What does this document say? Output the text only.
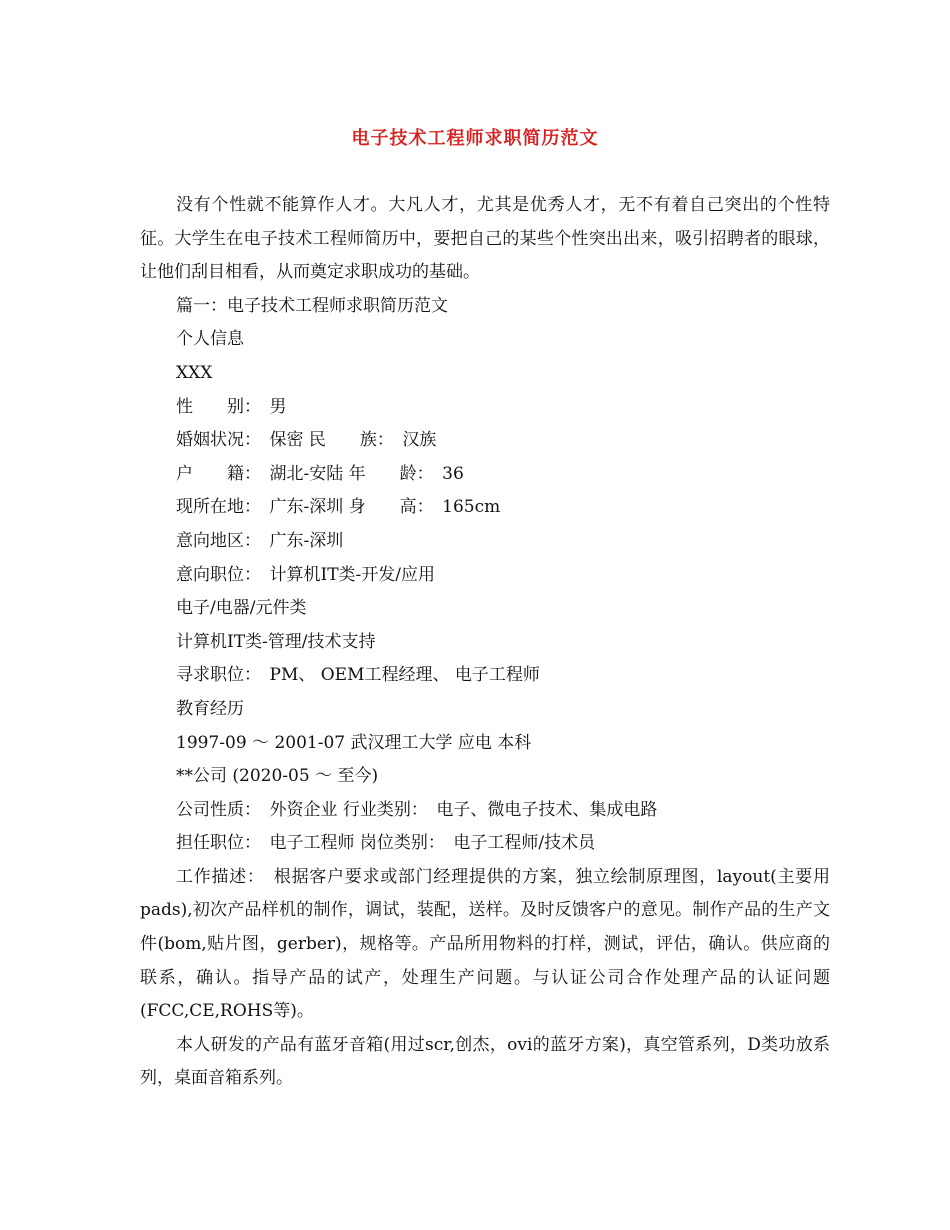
电子技术工程师求职简历范文

没有个性就不能算作人才。大凡人才，尤其是优秀人才，无不有着自己突出的个性特征。大学生在电子技术工程师简历中，要把自己的某些个性突出出来，吸引招聘者的眼球，让他们刮目相看，从而奠定求职成功的基础。

篇一：电子技术工程师求职简历范文

个人信息

XXX

性　　别：　男

婚姻状况：　保密 民　　族：　汉族

户　　籍：　湖北-安陆 年　　龄：　36

现所在地：　广东-深圳 身　　高：　165cm

意向地区：　广东-深圳

意向职位：　计算机IT类-开发/应用

电子/电器/元件类

计算机IT类-管理/技术支持

寻求职位：　PM、 OEM工程经理、 电子工程师

教育经历

1997-09 ～ 2001-07 武汉理工大学 应电 本科

**公司 (2020-05 ～ 至今)

公司性质：　外资企业 行业类别：　电子、微电子技术、集成电路

担任职位：　电子工程师 岗位类别：　电子工程师/技术员

工作描述：　根据客户要求或部门经理提供的方案，独立绘制原理图，layout(主要用pads),初次产品样机的制作，调试，装配，送样。及时反馈客户的意见。制作产品的生产文件(bom,贴片图，gerber)，规格等。产品所用物料的打样，测试，评估，确认。供应商的联系，确认。指导产品的试产，处理生产问题。与认证公司合作处理产品的认证问题(FCC,CE,ROHS等)。

本人研发的产品有蓝牙音箱(用过scr,创杰，ovi的蓝牙方案)，真空管系列，D类功放系列，桌面音箱系列。
